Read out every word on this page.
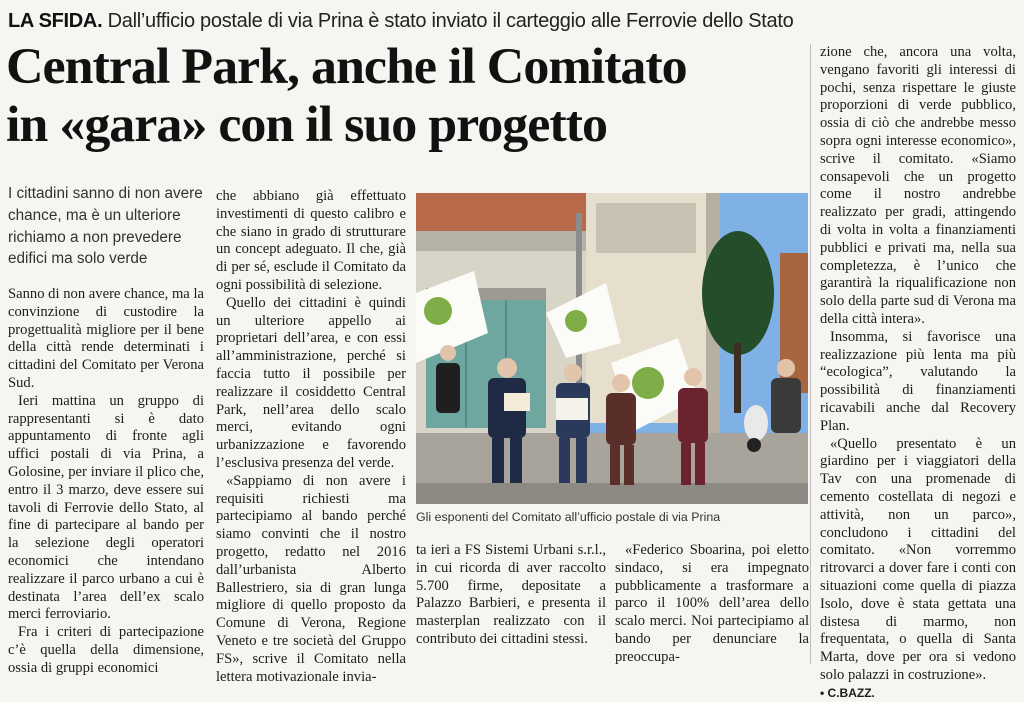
LA SFIDA. Dall’ufficio postale di via Prina è stato inviato il carteggio alle Ferrovie dello Stato
Central Park, anche il Comitato
in «gara» con il suo progetto
I cittadini sanno di non avere chance, ma è un ulteriore richiamo a non prevedere edifici ma solo verde

Sanno di non avere chance, ma la convinzione di custodire la progettualità migliore per il bene della città rende determinati i cittadini del Comitato per Verona Sud.

Ieri mattina un gruppo di rappresentanti si è dato appuntamento di fronte agli uffici postali di via Prina, a Golosine, per inviare il plico che, entro il 3 marzo, deve essere sui tavoli di Ferrovie dello Stato, al fine di partecipare al bando per la selezione degli operatori economici che intendano realizzare il parco urbano a cui è destinata l’area dell’ex scalo merci ferroviario.

Fra i criteri di partecipazione c’è quella della dimensione, ossia di gruppi economici

che abbiano già effettuato investimenti di questo calibro e che siano in grado di strutturare un concept adeguato. Il che, già di per sé, esclude il Comitato da ogni possibilità di selezione.

Quello dei cittadini è quindi un ulteriore appello ai proprietari dell’area, e con essi all’amministrazione, perché si faccia tutto il possibile per realizzare il cosiddetto Central Park, nell’area dello scalo merci, evitando ogni urbanizzazione e favorendo l’esclusiva presenza del verde.

«Sappiamo di non avere i requisiti richiesti ma partecipiamo al bando perché siamo convinti che il nostro progetto, redatto nel 2016 dall’urbanista Alberto Ballestriero, sia di gran lunga migliore di quello proposto da Comune di Verona, Regione Veneto e tre società del Gruppo FS», scrive il Comitato nella lettera motivazionale invia-

Gli esponenti del Comitato all’ufficio postale di via Prina

ta ieri a FS Sistemi Urbani s.r.l., in cui ricorda di aver raccolto 5.700 firme, depositate a Palazzo Barbieri, e presenta il masterplan realizzato con il contributo dei cittadini stessi.

«Federico Sboarina, poi eletto sindaco, si era impegnato pubblicamente a trasformare a parco il 100% dell’area dello scalo merci. Noi partecipiamo al bando per denunciare la preoccupa-

zione che, ancora una volta, vengano favoriti gli interessi di pochi, senza rispettare le giuste proporzioni di verde pubblico, ossia di ciò che andrebbe messo sopra ogni interesse economico», scrive il comitato. «Siamo consapevoli che un progetto come il nostro andrebbe realizzato per gradi, attingendo di volta in volta a finanziamenti pubblici e privati ma, nella sua completezza, è l’unico che garantirà la riqualificazione non solo della parte sud di Verona ma della città intera».

Insomma, si favorisce una realizzazione più lenta ma più “ecologica”, valutando la possibilità di finanziamenti ricavabili anche dal Recovery Plan.

«Quello presentato è un giardino per i viaggiatori della Tav con una promenade di cemento costellata di negozi e attività, non un parco», concludono i cittadini del comitato. «Non vorremmo ritrovarci a dover fare i conti con situazioni come quella di piazza Isolo, dove è stata gettata una distesa di marmo, non frequentata, o quella di Santa Marta, dove per ora si vedono solo palazzi in costruzione».

• C.BAZZ.
